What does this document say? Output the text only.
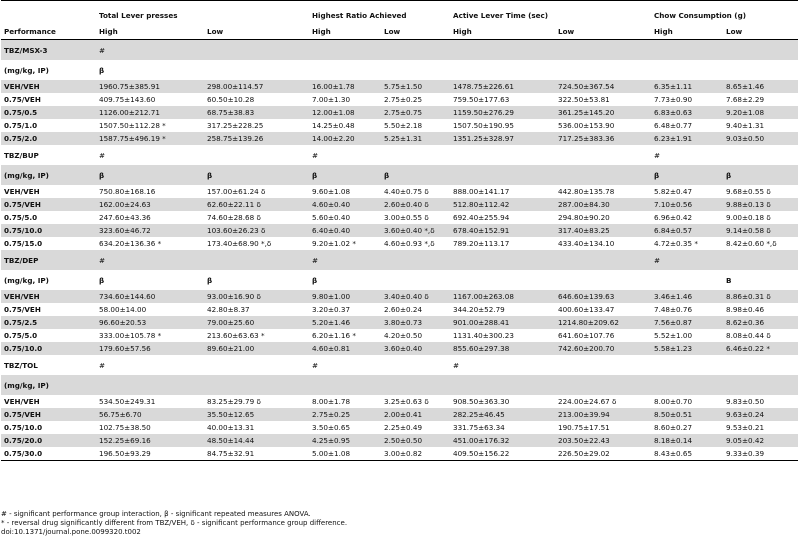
	Total Lever presses		Highest Ratio Achieved		Active Lever Time (sec)		Chow Consumption (g)	
Performance	High	Low	High	Low	High	Low	High	Low
TBZ/MSX-3	#							
(mg/kg, IP)	β							
VEH/VEH	1960.75±385.91	298.00±114.57	16.00±1.78	5.75±1.50	1478.75±226.61	724.50±367.54	6.35±1.11	8.65±1.46
0.75/VEH	409.75±143.60	60.50±10.28	7.00±1.30	2.75±0.25	759.50±177.63	322.50±53.81	7.73±0.90	7.68±2.29
0.75/0.5	1126.00±212.71	68.75±38.83	12.00±1.08	2.75±0.75	1159.50±276.29	361.25±145.20	6.83±0.63	9.20±1.08
0.75/1.0	1507.50±112.28 *	317.25±228.25	14.25±0.48	5.50±2.18	1507.50±190.95	536.00±153.90	6.48±0.77	9.40±1.31
0.75/2.0	1587.75±496.19 *	258.75±139.26	14.00±2.20	5.25±1.31	1351.25±328.97	717.25±383.36	6.23±1.91	9.03±0.50
TBZ/BUP	#		#				#	
(mg/kg, IP)	β	β	β	β			β	β
VEH/VEH	750.80±168.16	157.00±61.24 δ	9.60±1.08	4.40±0.75 δ	888.00±141.17	442.80±135.78	5.82±0.47	9.68±0.55 δ
0.75/VEH	162.00±24.63	62.60±22.11 δ	4.60±0.40	2.60±0.40 δ	512.80±112.42	287.00±84.30	7.10±0.56	9.88±0.13 δ
0.75/5.0	247.60±43.36	74.60±28.68 δ	5.60±0.40	3.00±0.55 δ	692.40±255.94	294.80±90.20	6.96±0.42	9.00±0.18 δ
0.75/10.0	323.60±46.72	103.60±26.23 δ	6.40±0.40	3.60±0.40 *,δ	678.40±152.91	317.40±83.25	6.84±0.57	9.14±0.58 δ
0.75/15.0	634.20±136.36 *	173.40±68.90 *,δ	9.20±1.02 *	4.60±0.93 *,δ	789.20±113.17	433.40±134.10	4.72±0.35 *	8.42±0.60 *,δ
TBZ/DEP	#		#				#	
(mg/kg, IP)	β	β	β					B
VEH/VEH	734.60±144.60	93.00±16.90 δ	9.80±1.00	3.40±0.40 δ	1167.00±263.08	646.60±139.63	3.46±1.46	8.86±0.31 δ
0.75/VEH	58.00±14.00	42.80±8.37	3.20±0.37	2.60±0.24	344.20±52.79	400.60±133.47	7.48±0.76	8.98±0.46
0.75/2.5	96.60±20.53	79.00±25.60	5.20±1.46	3.80±0.73	901.00±288.41	1214.80±209.62	7.56±0.87	8.62±0.36
0.75/5.0	333.00±105.78 *	213.60±63.63 *	6.20±1.16 *	4.20±0.50	1131.40±300.23	641.60±107.76	5.52±1.00	8.08±0.44 δ
0.75/10.0	179.60±57.56	89.60±21.00	4.60±0.81	3.60±0.40	855.60±297.38	742.60±200.70	5.58±1.23	6.46±0.22 *
TBZ/TOL	#		#		#			
(mg/kg, IP)								
VEH/VEH	534.50±249.31	83.25±29.79 δ	8.00±1.78	3.25±0.63 δ	908.50±363.30	224.00±24.67 δ	8.00±0.70	9.83±0.50
0.75/VEH	56.75±6.70	35.50±12.65	2.75±0.25	2.00±0.41	282.25±46.45	213.00±39.94	8.50±0.51	9.63±0.24
0.75/10.0	102.75±38.50	40.00±13.31	3.50±0.65	2.25±0.49	331.75±63.34	190.75±17.51	8.60±0.27	9.53±0.21
0.75/20.0	152.25±69.16	48.50±14.44	4.25±0.95	2.50±0.50	451.00±176.32	203.50±22.43	8.18±0.14	9.05±0.42
0.75/30.0	196.50±93.29	84.75±32.91	5.00±1.08	3.00±0.82	409.50±156.22	226.50±29.02	8.43±0.65	9.33±0.39
# - significant performance group interaction, β - significant repeated measures ANOVA.
* - reversal drug significantly different from TBZ/VEH, δ - significant performance group difference.
doi:10.1371/journal.pone.0099320.t002
